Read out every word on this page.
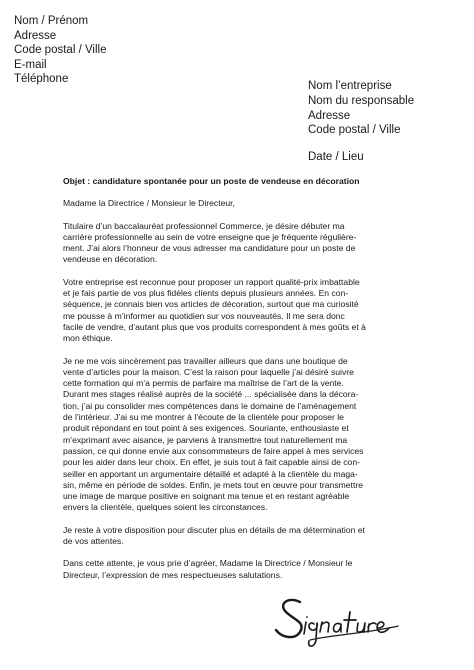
Nom / Prénom
Adresse
Code postal / Ville
E-mail
Téléphone
Nom l’entreprise
Nom du responsable
Adresse
Code postal / Ville
Date / Lieu
Objet : candidature spontanée pour un poste de vendeuse en décoration
Madame la Directrice / Monsieur le Directeur,
Titulaire d’un baccalauréat professionnel Commerce, je désire débuter ma
carrière professionnelle au sein de votre enseigne que je fréquente régulière-
ment. J’ai alors l’honneur de vous adresser ma candidature pour un poste de
vendeuse en décoration.
Votre entreprise est reconnue pour proposer un rapport qualité-prix imbattable
et je fais partie de vos plus fidèles clients depuis plusieurs années. En con-
séquence, je connais bien vos articles de décoration, surtout que ma curiosité
me pousse à m’informer au quotidien sur vos nouveautés. Il me sera donc
facile de vendre, d’autant plus que vos produits correspondent à mes goûts et à
mon éthique.
Je ne me vois sincèrement pas travailler ailleurs que dans une boutique de
vente d’articles pour la maison. C’est la raison pour laquelle j’ai désiré suivre
cette formation qui m’a permis de parfaire ma maîtrise de l’art de la vente.
Durant mes stages réalisé auprès de la société ... spécialisée dans la décora-
tion, j’ai pu consolider mes compétences dans le domaine de l’aménagement
de l’intérieur. J’ai su me montrer à l’écoute de la clientèle pour proposer le
produit répondant en tout point à ses exigences. Souriante, enthousiaste et
m’exprimant avec aisance, je parviens à transmettre tout naturellement ma
passion, ce qui donne envie aux consommateurs de faire appel à mes services
pour les aider dans leur choix. En effet, je suis tout à fait capable ainsi de con-
seiller en apportant un argumentaire détaillé et adapté à la clientèle du maga-
sin, même en période de soldes. Enfin, je mets tout en œuvre pour transmettre
une image de marque positive en soignant ma tenue et en restant agréable
envers la clientèle, quelques soient les circonstances.
Je reste à votre disposition pour discuter plus en détails de ma détermination et
de vos attentes.
Dans cette attente, je vous prie d’agréer, Madame la Directrice / Monsieur le
Directeur, l’expression de mes respectueuses salutations.
